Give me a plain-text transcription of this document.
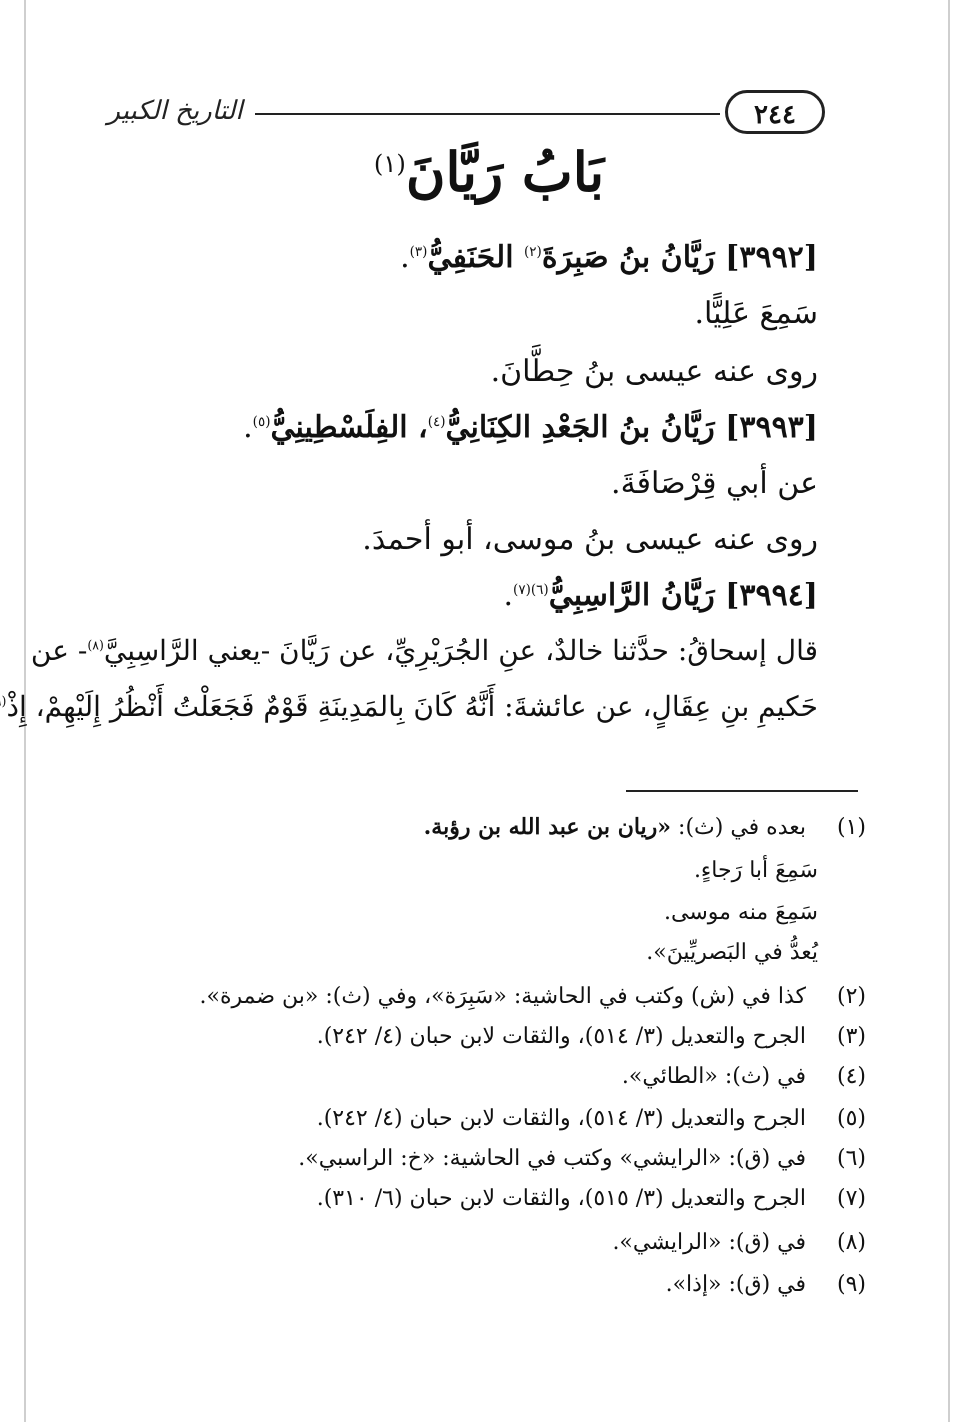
التاريخ الكبير	٢٤٤
بَابُ رَيَّانَ$^{(١)}$
[٣٩٩٢] رَيَّانُ بنُ صَبِرَةَ$^{(٢)}$ الحَنَفِيُّ$^{(٣)}$.
سَمِعَ عَلِيًّا.
روى عنه عيسى بنُ حِطَّانَ.
[٣٩٩٣] رَيَّانُ بنُ الجَعْدِ الكِنَانِيُّ$^{(٤)}$، الفِلَسْطِينِيُّ$^{(٥)}$.
عن أبي قِرْصَافَةَ.
روى عنه عيسى بنُ موسى، أبو أحمدَ.
[٣٩٩٤] رَيَّانُ الرَّاسِبِيُّ$^{(٦)(٧)}$.
قال إسحاقُ: حدَّثنا خالدٌ، عنِ الجُرَيْرِيِّ، عن رَيَّانَ -يعني الرَّاسِبِيَّ$^{(٨)}$- عن
حَكيمِ بنِ عِقَالٍ، عن عائشةَ: أَنَّهُ كَانَ بِالمَدِينَةِ قَوْمٌ فَجَعَلْتُ أَنْظُرُ إِلَيْهِمْ، إِذْ(
(١)  بعده في (ث): «ريان بن عبد الله بن رؤبة.
سَمِعَ أبا رَجاءٍ.
سَمِعَ منه موسى.
يُعدُّ في البَصريِّينَ».
(٢)  كذا في (ش) وكتب في الحاشية: «سَبِرَة»، وفي (ث): «بن ضمرة».
(٣)  الجرح والتعديل (٣/ ٥١٤)، والثقات لابن حبان (٤/ ٢٤٢).
(٤)  في (ث): «الطائي».
(٥)  الجرح والتعديل (٣/ ٥١٤)، والثقات لابن حبان (٤/ ٢٤٢).
(٦)  في (ق): «الرايشي» وكتب في الحاشية: «خ: الراسبي».
(٧)  الجرح والتعديل (٣/ ٥١٥)، والثقات لابن حبان (٦/ ٣١٠).
(٨)  في (ق): «الرايشي».
(٩)  في (ق): «إذا».
